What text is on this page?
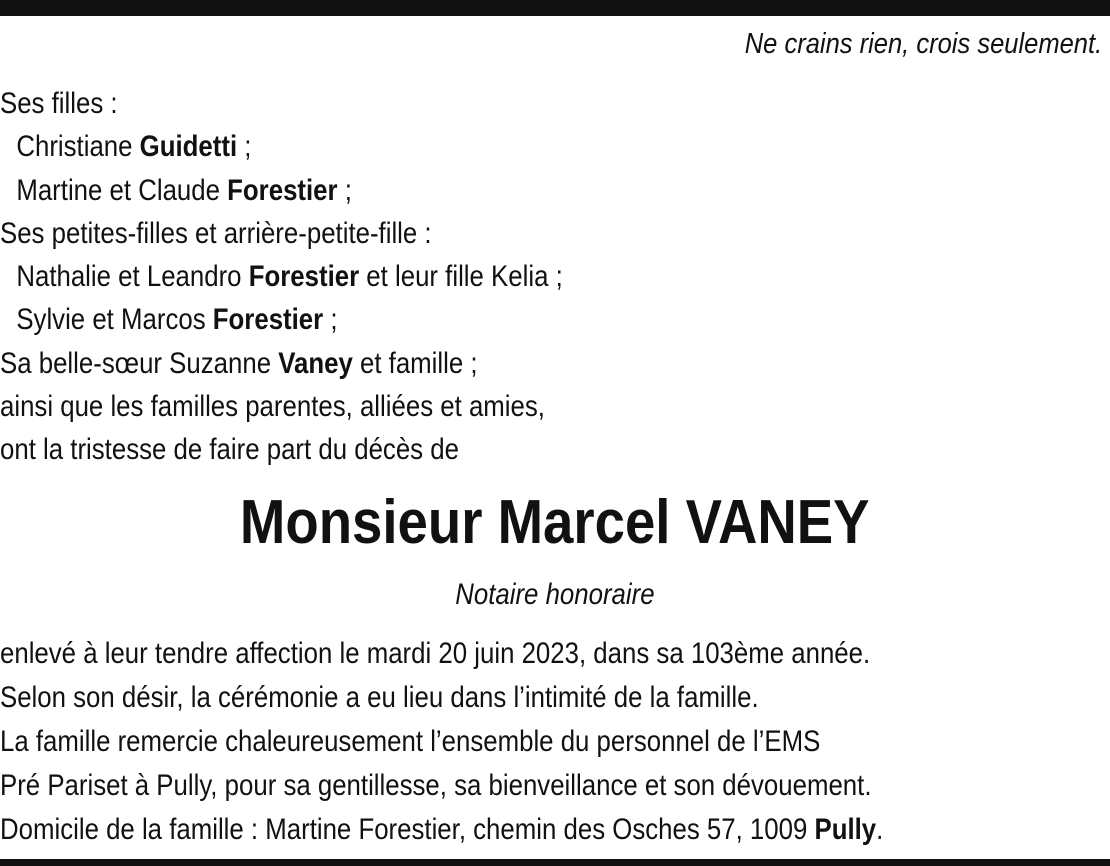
Ne crains rien, crois seulement.
Ses filles :
Christiane Guidetti ;
Martine et Claude Forestier ;
Ses petites-filles et arrière-petite-fille :
Nathalie et Leandro Forestier et leur fille Kelia ;
Sylvie et Marcos Forestier ;
Sa belle-sœur Suzanne Vaney et famille ;
ainsi que les familles parentes, alliées et amies,
ont la tristesse de faire part du décès de
Monsieur Marcel VANEY
Notaire honoraire
enlevé à leur tendre affection le mardi 20 juin 2023, dans sa 103ème année.
Selon son désir, la cérémonie a eu lieu dans l’intimité de la famille.
La famille remercie chaleureusement l’ensemble du personnel de l’EMS
Pré Pariset à Pully, pour sa gentillesse, sa bienveillance et son dévouement.
Domicile de la famille : Martine Forestier, chemin des Osches 57, 1009 Pully.
